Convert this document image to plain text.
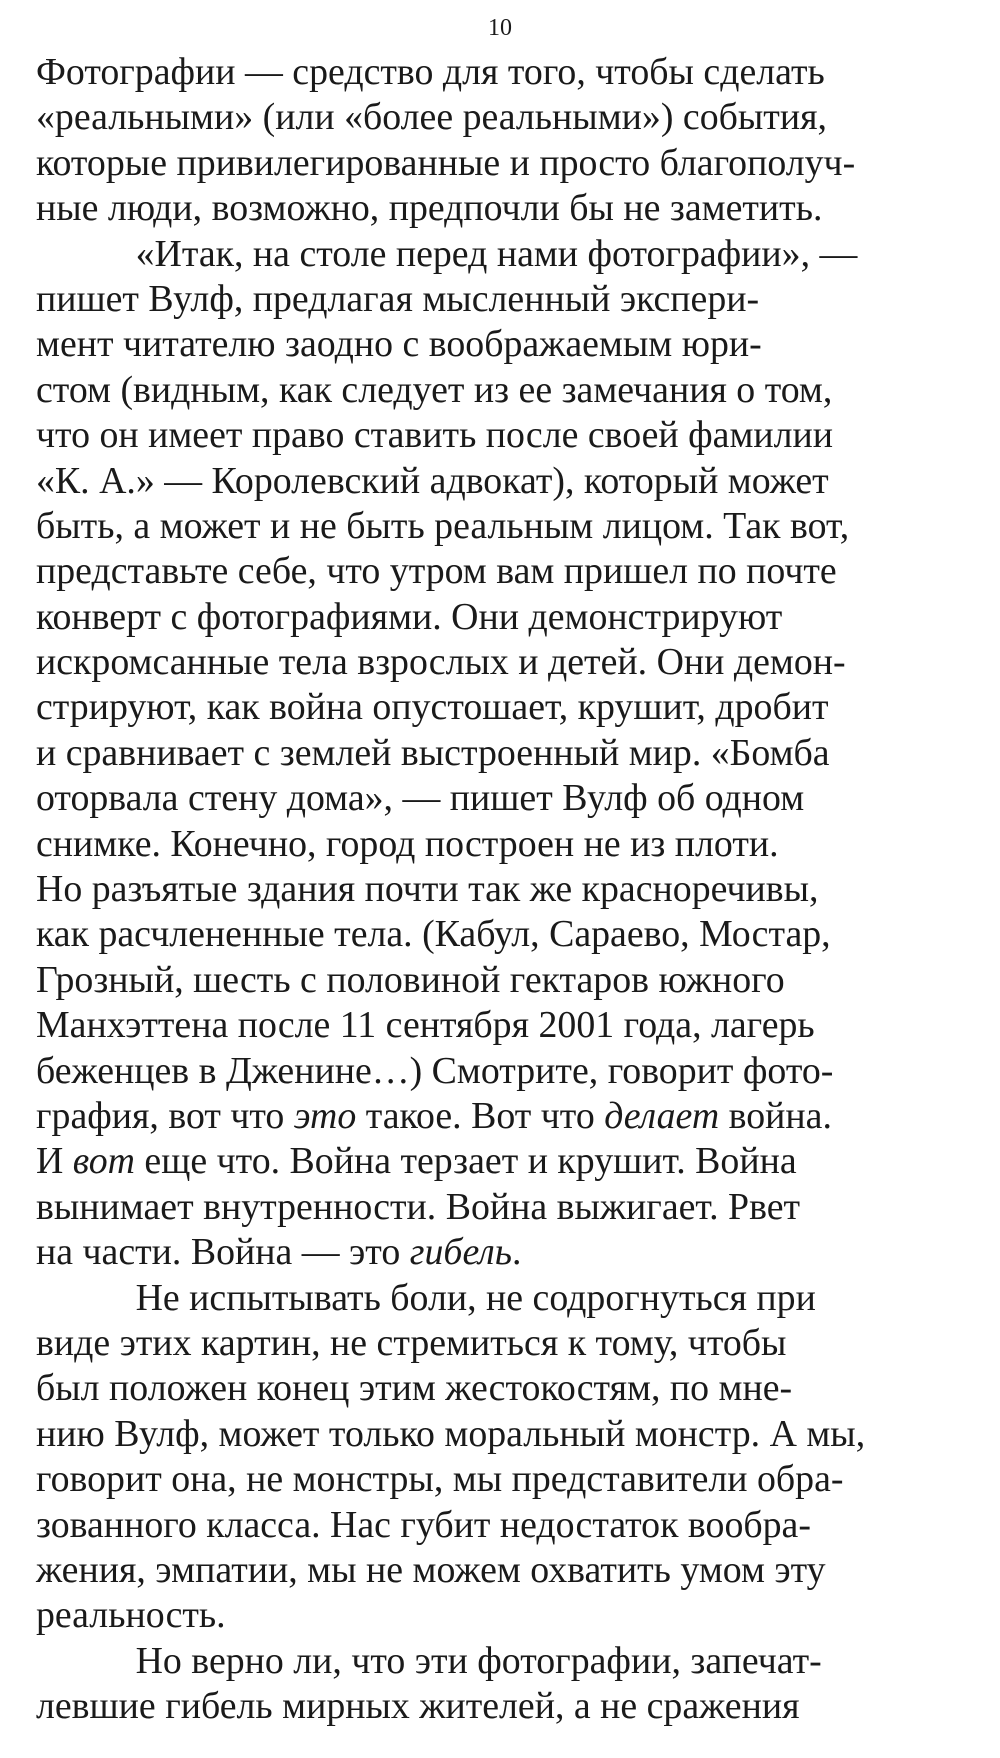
10
Фотографии — средство для того, чтобы сделать
«реальными» (или «более реальными») события,
которые привилегированные и просто благополуч-
ные люди, возможно, предпочли бы не заметить.
«Итак, на столе перед нами фотографии», —
пишет Вулф, предлагая мысленный экспери-
мент читателю заодно с воображаемым юри-
стом (видным, как следует из ее замечания о том,
что он имеет право ставить после своей фамилии
«К. А.» — Королевский адвокат), который может
быть, а может и не быть реальным лицом. Так вот,
представьте себе, что утром вам пришел по почте
конверт с фотографиями. Они демонстрируют
искромсанные тела взрослых и детей. Они демон-
стрируют, как война опустошает, крушит, дробит
и сравнивает с землей выстроенный мир. «Бомба
оторвала стену дома», — пишет Вулф об одном
снимке. Конечно, город построен не из плоти.
Но разъятые здания почти так же красноречивы,
как расчлененные тела. (Кабул, Сараево, Мостар,
Грозный, шесть с половиной гектаров южного
Манхэттена после 11 сентября 2001 года, лагерь
беженцев в Дженине…) Смотрите, говорит фото-
графия, вот что это такое. Вот что делает война.
И вот еще что. Война терзает и крушит. Война
вынимает внутренности. Война выжигает. Рвет
на части. Война — это гибель.
Не испытывать боли, не содрогнуться при
виде этих картин, не стремиться к тому, чтобы
был положен конец этим жестокостям, по мне-
нию Вулф, может только моральный монстр. А мы,
говорит она, не монстры, мы представители обра-
зованного класса. Нас губит недостаток вообра-
жения, эмпатии, мы не можем охватить умом эту
реальность.
Но верно ли, что эти фотографии, запечат-
левшие гибель мирных жителей, а не сражения
